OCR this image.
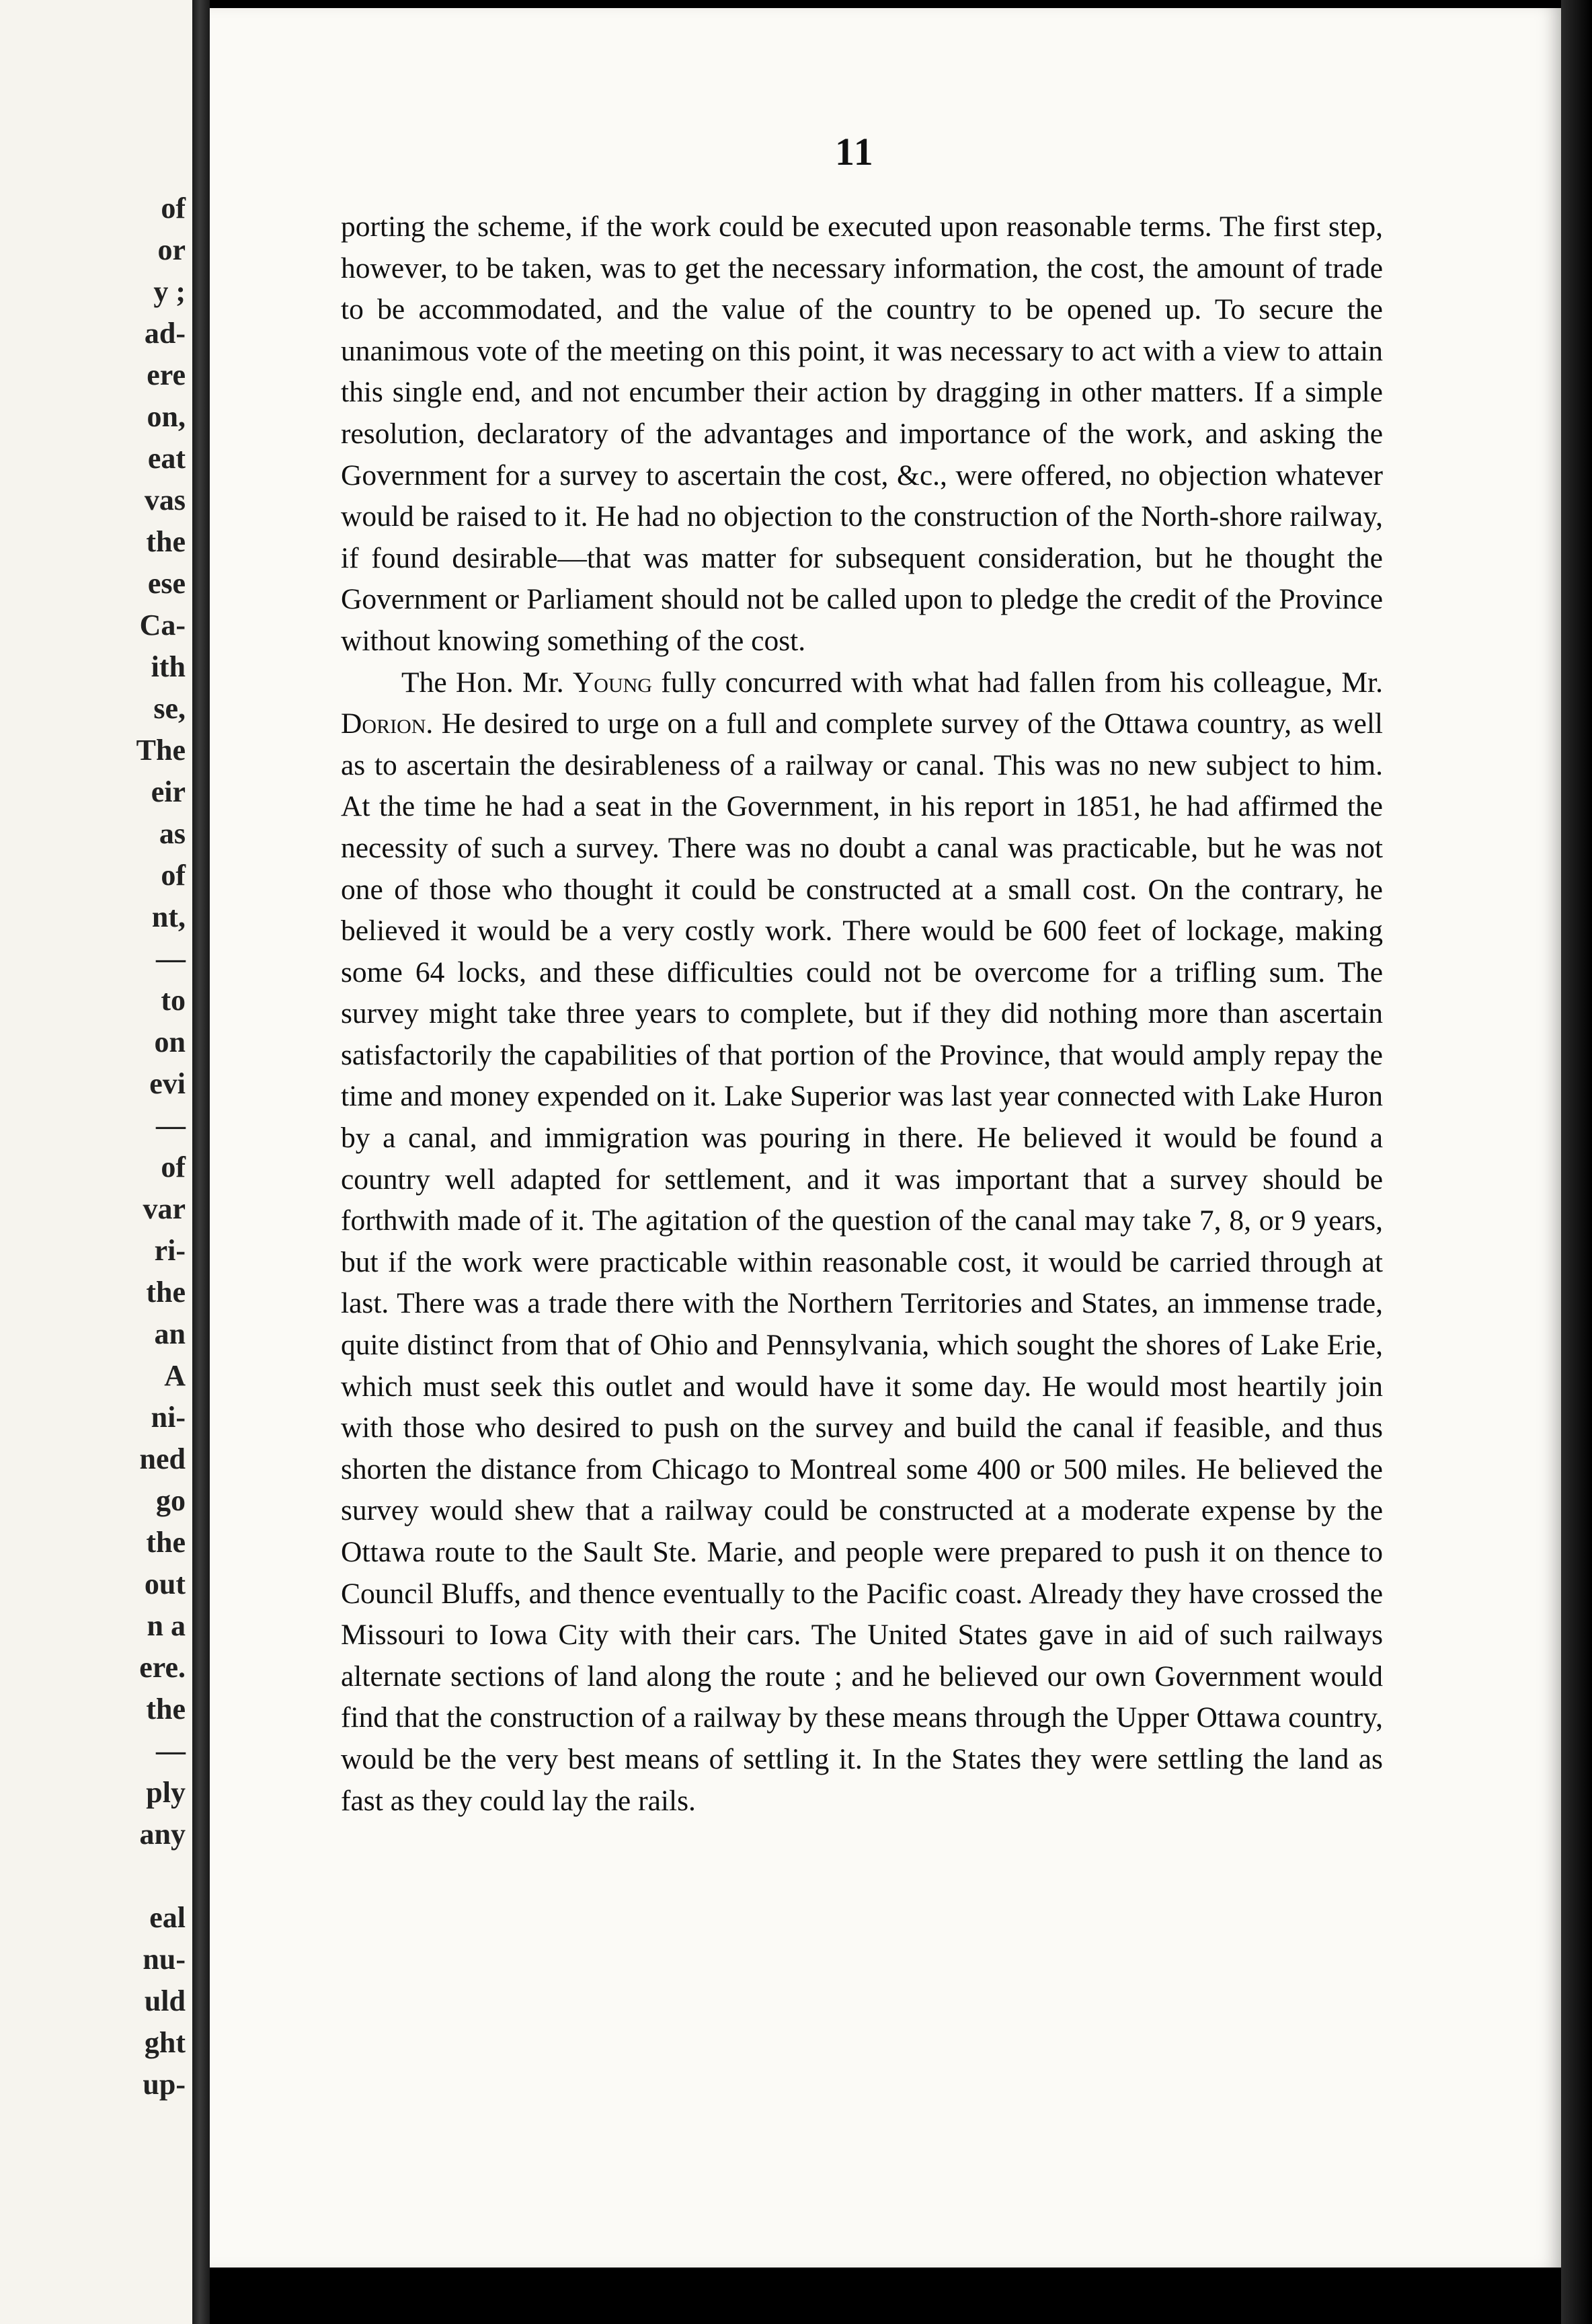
of
or
y ;
ad-
ere
on,
eat
vas
the
ese
Ca-
ith
se,
The
eir
as
of
nt,
—
to
on
evi
—
of
var
ri-
the
an
A
ni-
ned
go
the
out
n a
ere.
the
—
ply
any
eal
nu-
uld
ght
up-
11

porting the scheme, if the work could be executed upon reasonable terms. The first step, however, to be taken, was to get the necessary information, the cost, the amount of trade to be accommodated, and the value of the country to be opened up. To secure the unanimous vote of the meeting on this point, it was necessary to act with a view to attain this single end, and not encumber their action by dragging in other matters. If a simple resolution, declaratory of the advantages and importance of the work, and asking the Government for a survey to ascertain the cost, &c., were offered, no objection whatever would be raised to it. He had no objection to the construction of the North-shore railway, if found desirable—that was matter for subsequent consideration, but he thought the Government or Parliament should not be called upon to pledge the credit of the Province without knowing something of the cost.

The Hon. Mr. Young fully concurred with what had fallen from his colleague, Mr. Dorion. He desired to urge on a full and complete survey of the Ottawa country, as well as to ascertain the desirableness of a railway or canal. This was no new subject to him. At the time he had a seat in the Government, in his report in 1851, he had affirmed the necessity of such a survey. There was no doubt a canal was practicable, but he was not one of those who thought it could be constructed at a small cost. On the contrary, he believed it would be a very costly work. There would be 600 feet of lockage, making some 64 locks, and these difficulties could not be overcome for a trifling sum. The survey might take three years to complete, but if they did nothing more than ascertain satisfactorily the capabilities of that portion of the Province, that would amply repay the time and money expended on it. Lake Superior was last year connected with Lake Huron by a canal, and immigration was pouring in there. He believed it would be found a country well adapted for settlement, and it was important that a survey should be forthwith made of it. The agitation of the question of the canal may take 7, 8, or 9 years, but if the work were practicable within reasonable cost, it would be carried through at last. There was a trade there with the Northern Territories and States, an immense trade, quite distinct from that of Ohio and Pennsylvania, which sought the shores of Lake Erie, which must seek this outlet and would have it some day. He would most heartily join with those who desired to push on the survey and build the canal if feasible, and thus shorten the distance from Chicago to Montreal some 400 or 500 miles. He believed the survey would shew that a railway could be constructed at a moderate expense by the Ottawa route to the Sault Ste. Marie, and people were prepared to push it on thence to Council Bluffs, and thence eventually to the Pacific coast. Already they have crossed the Missouri to Iowa City with their cars. The United States gave in aid of such railways alternate sections of land along the route ; and he believed our own Government would find that the construction of a railway by these means through the Upper Ottawa country, would be the very best means of settling it. In the States they were settling the land as fast as they could lay the rails.
